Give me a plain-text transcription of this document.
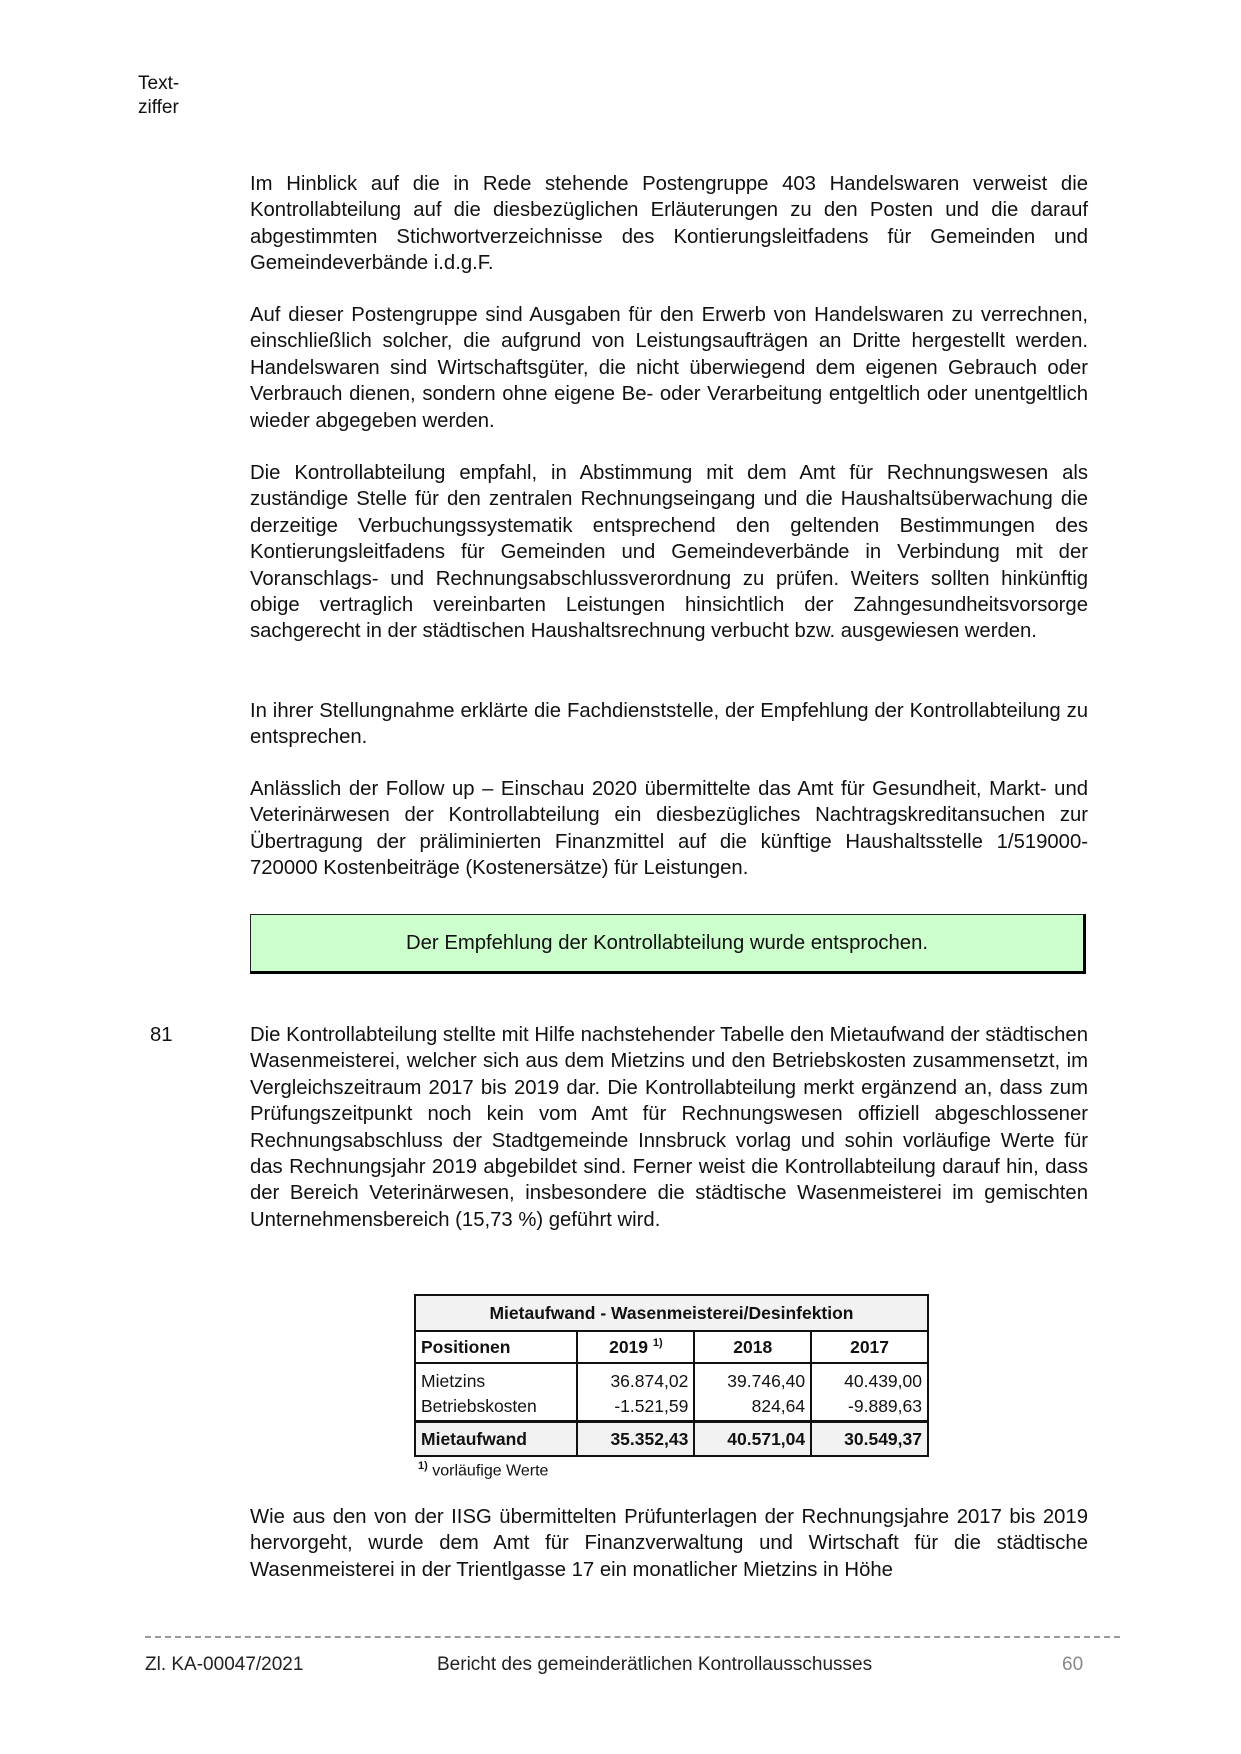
Text-
ziffer

Im Hinblick auf die in Rede stehende Postengruppe 403 Handelswaren verweist die Kontrollabteilung auf die diesbezüglichen Erläuterungen zu den Posten und die darauf abgestimmten Stichwortverzeichnisse des Kontierungsleitfadens für Gemeinden und Gemeindeverbände i.d.g.F.

Auf dieser Postengruppe sind Ausgaben für den Erwerb von Handelswaren zu verrechnen, einschließlich solcher, die aufgrund von Leistungsaufträgen an Dritte hergestellt werden. Handelswaren sind Wirtschaftsgüter, die nicht überwiegend dem eigenen Gebrauch oder Verbrauch dienen, sondern ohne eigene Be- oder Verarbeitung entgeltlich oder unentgeltlich wieder abgegeben werden.

Die Kontrollabteilung empfahl, in Abstimmung mit dem Amt für Rechnungswesen als zuständige Stelle für den zentralen Rechnungseingang und die Haushaltsüberwachung die derzeitige Verbuchungssystematik entsprechend den geltenden Bestimmungen des Kontierungsleitfadens für Gemeinden und Gemeindeverbände in Verbindung mit der Voranschlags- und Rechnungsabschlussverordnung zu prüfen. Weiters sollten hinkünftig obige vertraglich vereinbarten Leistungen hinsichtlich der Zahngesundheitsvorsorge sachgerecht in der städtischen Haushaltsrechnung verbucht bzw. ausgewiesen werden.

In ihrer Stellungnahme erklärte die Fachdienststelle, der Empfehlung der Kontrollabteilung zu entsprechen.

Anlässlich der Follow up – Einschau 2020 übermittelte das Amt für Gesundheit, Markt- und Veterinärwesen der Kontrollabteilung ein diesbezügliches Nachtragskreditansuchen zur Übertragung der präliminierten Finanzmittel auf die künftige Haushaltsstelle 1/519000-720000 Kostenbeiträge (Kostenersätze) für Leistungen.

Der Empfehlung der Kontrollabteilung wurde entsprochen.
81	Die Kontrollabteilung stellte mit Hilfe nachstehender Tabelle den Mietaufwand der städtischen Wasenmeisterei, welcher sich aus dem Mietzins und den Betriebskosten zusammensetzt, im Vergleichszeitraum 2017 bis 2019 dar. Die Kontrollabteilung merkt ergänzend an, dass zum Prüfungszeitpunkt noch kein vom Amt für Rechnungswesen offiziell abgeschlossener Rechnungsabschluss der Stadtgemeinde Innsbruck vorlag und sohin vorläufige Werte für das Rechnungsjahr 2019 abgebildet sind. Ferner weist die Kontrollabteilung darauf hin, dass der Bereich Veterinärwesen, insbesondere die städtische Wasenmeisterei im gemischten Unternehmensbereich (15,73 %) geführt wird.

Mietaufwand - Wasenmeisterei/Desinfektion			
Positionen	2019 $^{1)}$	2018	2017
Mietzins	36.874,02	39.746,40	40.439,00
Betriebskosten	-1.521,59	824,64	-9.889,63
Mietaufwand	35.352,43	40.571,04	30.549,37
$^{1)}$ vorläufige Werte

Wie aus den von der IISG übermittelten Prüfunterlagen der Rechnungsjahre 2017 bis 2019 hervorgeht, wurde dem Amt für Finanzverwaltung und Wirtschaft für die städtische Wasenmeisterei in der Trientlgasse 17 ein monatlicher Mietzins in Höhe

Zl. KA-00047/2021	Bericht des gemeinderätlichen Kontrollausschusses	60
